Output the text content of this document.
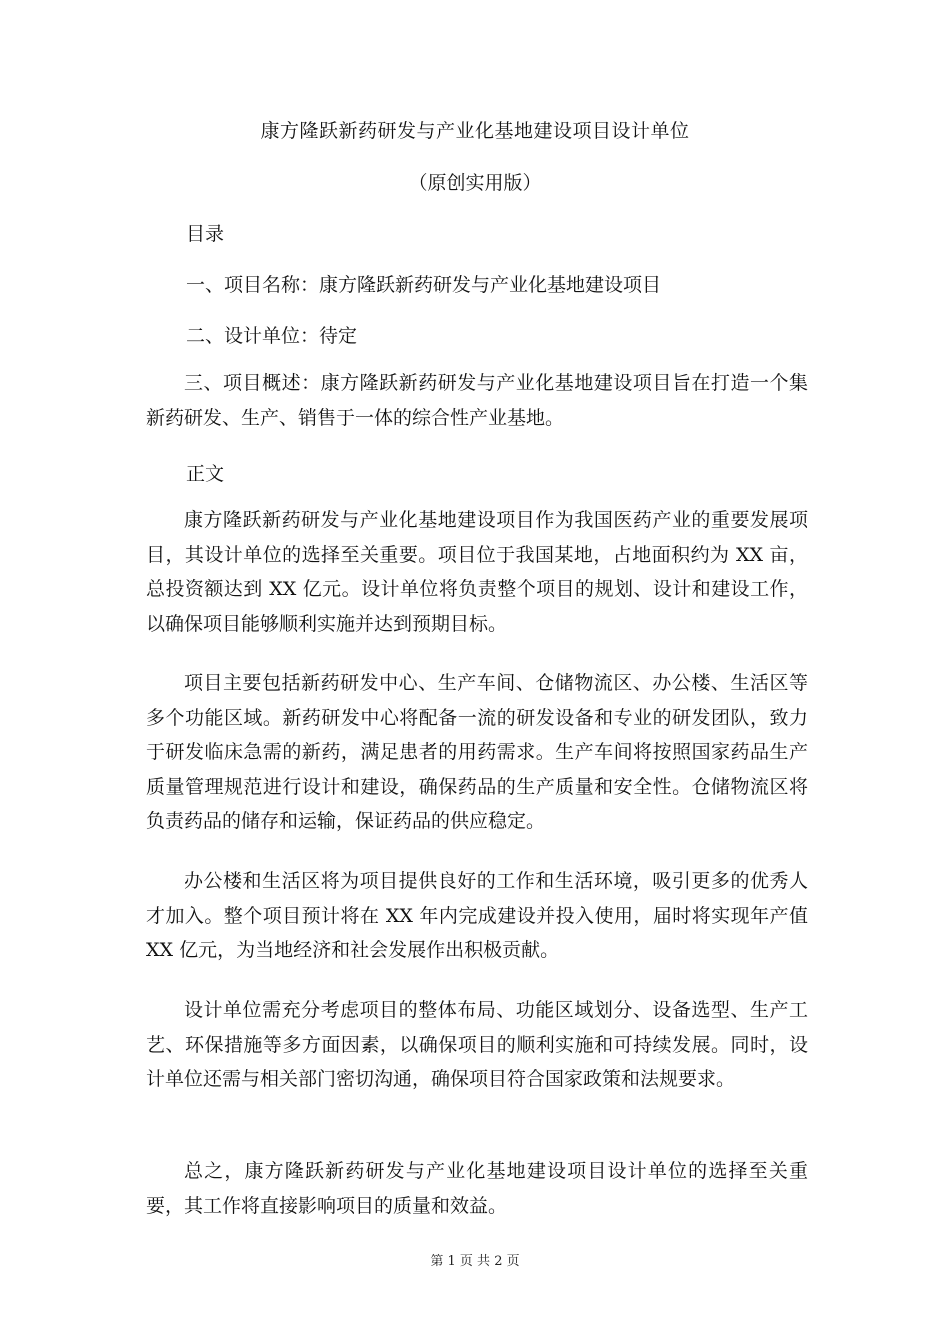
康方隆跃新药研发与产业化基地建设项目设计单位
（原创实用版）
目录
一、项目名称：康方隆跃新药研发与产业化基地建设项目
二、设计单位：待定

三、项目概述：康方隆跃新药研发与产业化基地建设项目旨在打造一个集新药研发、生产、销售于一体的综合性产业基地。

正文

康方隆跃新药研发与产业化基地建设项目作为我国医药产业的重要发展项目，其设计单位的选择至关重要。项目位于我国某地，占地面积约为 XX 亩，总投资额达到 XX 亿元。设计单位将负责整个项目的规划、设计和建设工作，以确保项目能够顺利实施并达到预期目标。

项目主要包括新药研发中心、生产车间、仓储物流区、办公楼、生活区等多个功能区域。新药研发中心将配备一流的研发设备和专业的研发团队，致力于研发临床急需的新药，满足患者的用药需求。生产车间将按照国家药品生产质量管理规范进行设计和建设，确保药品的生产质量和安全性。仓储物流区将负责药品的储存和运输，保证药品的供应稳定。

办公楼和生活区将为项目提供良好的工作和生活环境，吸引更多的优秀人才加入。整个项目预计将在 XX 年内完成建设并投入使用，届时将实现年产值 XX 亿元，为当地经济和社会发展作出积极贡献。

设计单位需充分考虑项目的整体布局、功能区域划分、设备选型、生产工艺、环保措施等多方面因素，以确保项目的顺利实施和可持续发展。同时，设计单位还需与相关部门密切沟通，确保项目符合国家政策和法规要求。

总之，康方隆跃新药研发与产业化基地建设项目设计单位的选择至关重要，其工作将直接影响项目的质量和效益。

第 1 页 共 2 页
